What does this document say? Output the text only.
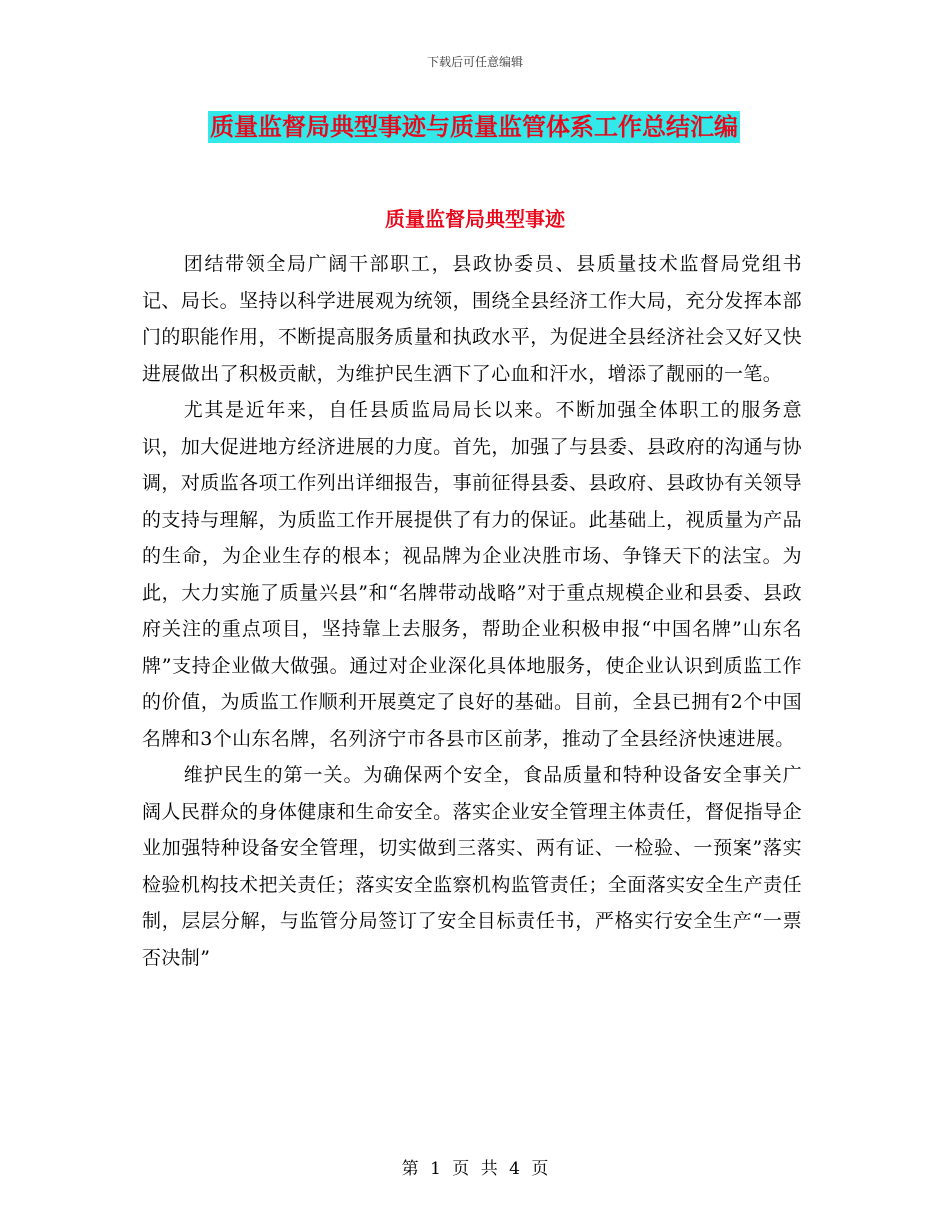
下载后可任意编辑
质量监督局典型事迹与质量监管体系工作总结汇编
质量监督局典型事迹

团结带领全局广阔干部职工，县政协委员、县质量技术监督局党组书记、局长。坚持以科学进展观为统领，围绕全县经济工作大局，充分发挥本部门的职能作用，不断提高服务质量和执政水平，为促进全县经济社会又好又快进展做出了积极贡献，为维护民生洒下了心血和汗水，增添了靓丽的一笔。

尤其是近年来，自任县质监局局长以来。不断加强全体职工的服务意识，加大促进地方经济进展的力度。首先，加强了与县委、县政府的沟通与协调，对质监各项工作列出详细报告，事前征得县委、县政府、县政协有关领导的支持与理解，为质监工作开展提供了有力的保证。此基础上，视质量为产品的生命，为企业生存的根本；视品牌为企业决胜市场、争锋天下的法宝。为此，大力实施了质量兴县”和“名牌带动战略”对于重点规模企业和县委、县政府关注的重点项目，坚持靠上去服务，帮助企业积极申报“中国名牌”山东名牌”支持企业做大做强。通过对企业深化具体地服务，使企业认识到质监工作的价值，为质监工作顺利开展奠定了良好的基础。目前，全县已拥有2个中国名牌和3个山东名牌，名列济宁市各县市区前茅，推动了全县经济快速进展。

维护民生的第一关。为确保两个安全，食品质量和特种设备安全事关广阔人民群众的身体健康和生命安全。落实企业安全管理主体责任，督促指导企业加强特种设备安全管理，切实做到三落实、两有证、一检验、一预案”落实检验机构技术把关责任；落实安全监察机构监管责任；全面落实安全生产责任制，层层分解，与监管分局签订了安全目标责任书，严格实行安全生产“一票否决制”

第 1 页 共 4 页
